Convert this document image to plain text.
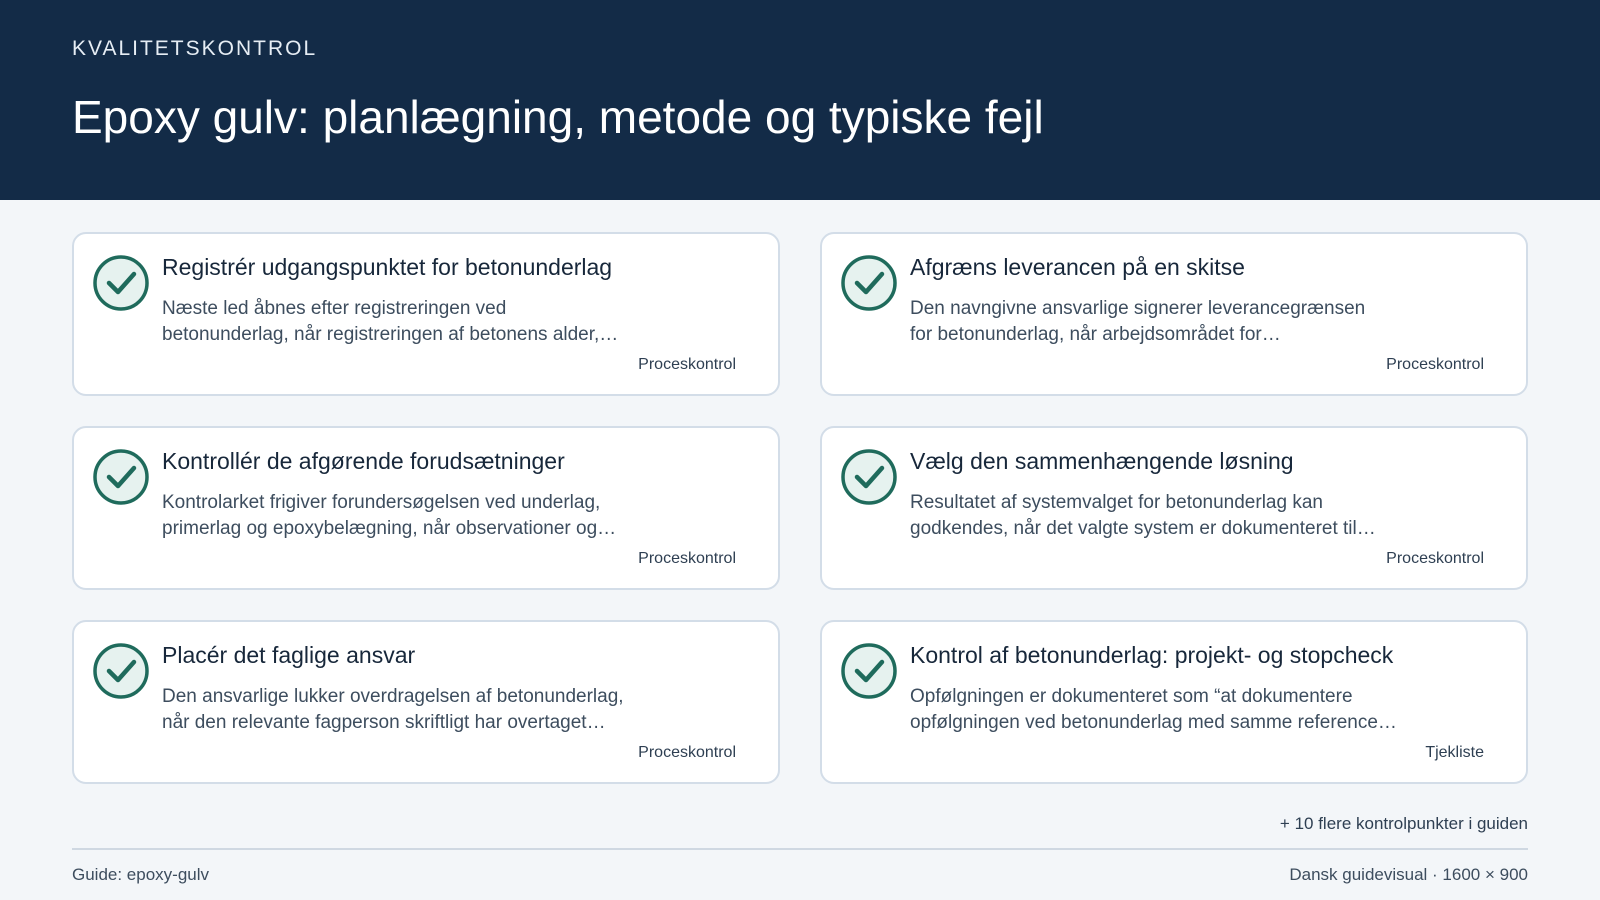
KVALITETSKONTROL
Epoxy gulv: planlægning, metode og typiske fejl
Registrér udgangspunktet for betonunderlag
Næste led åbnes efter registreringen ved
betonunderlag, når registreringen af betonens alder,…
Proceskontrol
Afgræns leverancen på en skitse
Den navngivne ansvarlige signerer leverancegrænsen
for betonunderlag, når arbejdsområdet for…
Proceskontrol
Kontrollér de afgørende forudsætninger
Kontrolarket frigiver forundersøgelsen ved underlag,
primerlag og epoxybelægning, når observationer og…
Proceskontrol
Vælg den sammenhængende løsning
Resultatet af systemvalget for betonunderlag kan
godkendes, når det valgte system er dokumenteret til…
Proceskontrol
Placér det faglige ansvar
Den ansvarlige lukker overdragelsen af betonunderlag,
når den relevante fagperson skriftligt har overtaget…
Proceskontrol
Kontrol af betonunderlag: projekt- og stopcheck
Opfølgningen er dokumenteret som “at dokumentere
opfølgningen ved betonunderlag med samme reference…
Tjekliste
+ 10 flere kontrolpunkter i guiden
Guide: epoxy-gulv	Dansk guidevisual · 1600 × 900
